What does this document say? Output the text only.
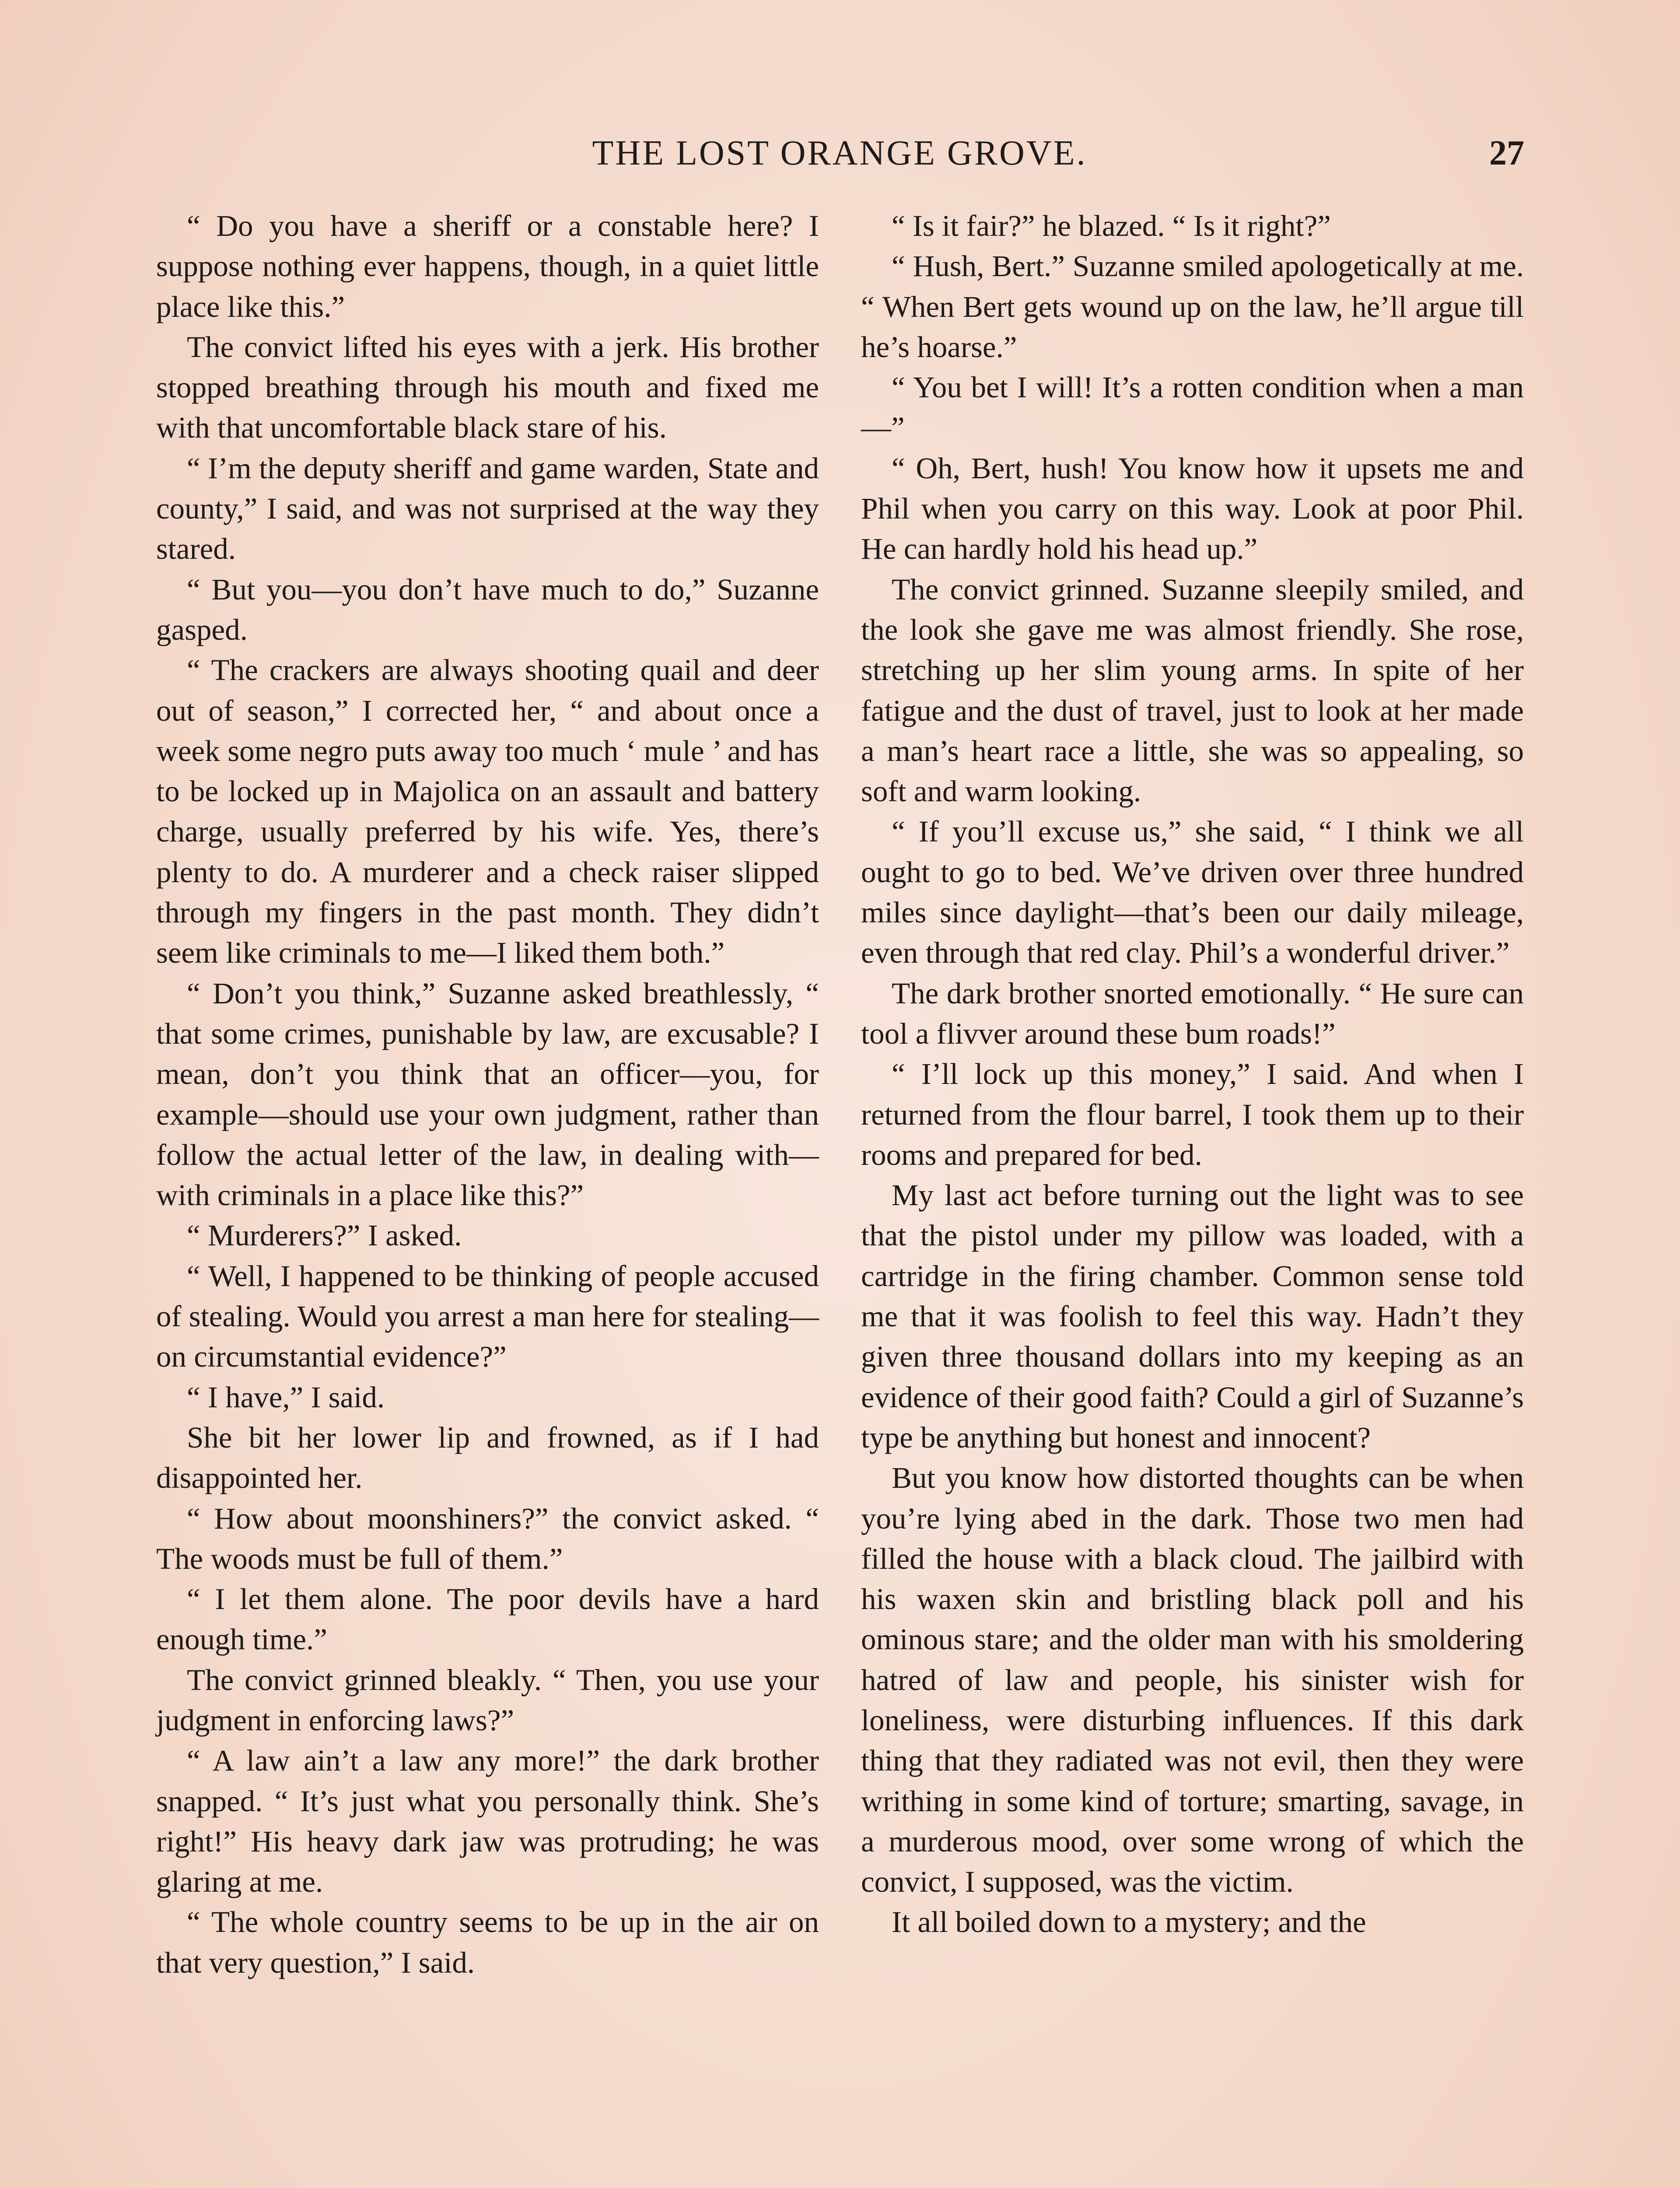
THE LOST ORANGE GROVE.	27

“ Do you have a sheriff or a constable here? I suppose nothing ever happens, though, in a quiet little place like this.”

The convict lifted his eyes with a jerk. His brother stopped breathing through his mouth and fixed me with that uncomfortable black stare of his.

“ I’m the deputy sheriff and game warden, State and county,” I said, and was not surprised at the way they stared.

“ But you—you don’t have much to do,” Suzanne gasped.

“ The crackers are always shooting quail and deer out of season,” I corrected her, “ and about once a week some negro puts away too much ‘ mule ’ and has to be locked up in Majolica on an assault and battery charge, usually preferred by his wife. Yes, there’s plenty to do. A murderer and a check raiser slipped through my fingers in the past month. They didn’t seem like criminals to me—I liked them both.”

“ Don’t you think,” Suzanne asked breathlessly, “ that some crimes, punishable by law, are excusable? I mean, don’t you think that an officer—you, for example—should use your own judgment, rather than follow the actual letter of the law, in dealing with—with criminals in a place like this?”

“ Murderers?” I asked.

“ Well, I happened to be thinking of people accused of stealing. Would you arrest a man here for stealing—on circumstantial evidence?”

“ I have,” I said.

She bit her lower lip and frowned, as if I had disappointed her.

“ How about moonshiners?” the convict asked. “ The woods must be full of them.”

“ I let them alone. The poor devils have a hard enough time.”

The convict grinned bleakly. “ Then, you use your judgment in enforcing laws?”

“ A law ain’t a law any more!” the dark brother snapped. “ It’s just what you personally think. She’s right!” His heavy dark jaw was protruding; he was glaring at me.

“ The whole country seems to be up in the air on that very question,” I said.

“ Is it fair?” he blazed. “ Is it right?”

“ Hush, Bert.” Suzanne smiled apologetically at me. “ When Bert gets wound up on the law, he’ll argue till he’s hoarse.”

“ You bet I will! It’s a rotten condition when a man—”

“ Oh, Bert, hush! You know how it upsets me and Phil when you carry on this way. Look at poor Phil. He can hardly hold his head up.”

The convict grinned. Suzanne sleepily smiled, and the look she gave me was almost friendly. She rose, stretching up her slim young arms. In spite of her fatigue and the dust of travel, just to look at her made a man’s heart race a little, she was so appealing, so soft and warm looking.

“ If you’ll excuse us,” she said, “ I think we all ought to go to bed. We’ve driven over three hundred miles since daylight—that’s been our daily mileage, even through that red clay. Phil’s a wonderful driver.”

The dark brother snorted emotionally. “ He sure can tool a flivver around these bum roads!”

“ I’ll lock up this money,” I said. And when I returned from the flour barrel, I took them up to their rooms and prepared for bed.

My last act before turning out the light was to see that the pistol under my pillow was loaded, with a cartridge in the firing chamber. Common sense told me that it was foolish to feel this way. Hadn’t they given three thousand dollars into my keeping as an evidence of their good faith? Could a girl of Suzanne’s type be anything but honest and innocent?

But you know how distorted thoughts can be when you’re lying abed in the dark. Those two men had filled the house with a black cloud. The jailbird with his waxen skin and bristling black poll and his ominous stare; and the older man with his smoldering hatred of law and people, his sinister wish for loneliness, were disturbing influences. If this dark thing that they radiated was not evil, then they were writhing in some kind of torture; smarting, savage, in a murderous mood, over some wrong of which the convict, I supposed, was the victim.

It all boiled down to a mystery; and the
